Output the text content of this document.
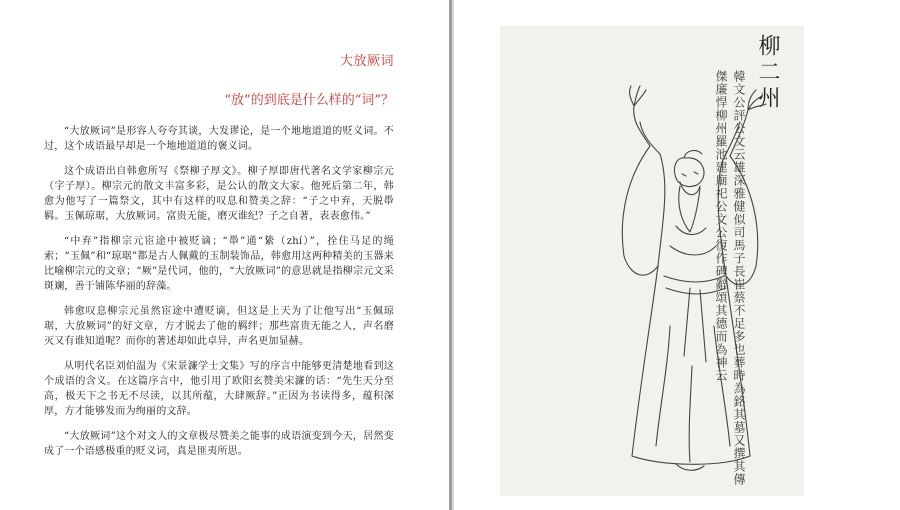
大放厥词
“放”的到底是什么样的“词”？

“大放厥词”是形容人夸夸其谈，大发谬论，是一个地地道道的贬义词。不过，这个成语最早却是一个地地道道的褒义词。

这个成语出自韩愈所写《祭柳子厚文》。柳子厚即唐代著名文学家柳宗元（字子厚）。柳宗元的散文丰富多彩，是公认的散文大家。他死后第二年，韩愈为他写了一篇祭文，其中有这样的叹息和赞美之辞：“子之中弃，天脱馽羁。玉佩琼琚，大放厥词。富贵无能，磨灭谁纪？子之自著，表表愈伟。”

“中弃”指柳宗元宦途中被贬谪；“馽”通“絷（zhí）”，拴住马足的绳索；“玉佩”和“琼琚”都是古人佩戴的玉制装饰品，韩愈用这两种精美的玉器来比喻柳宗元的文章；“厥”是代词，他的，“大放厥词”的意思就是指柳宗元文采斑斓，善于铺陈华丽的辞藻。

韩愈叹息柳宗元虽然宦途中遭贬谪，但这是上天为了让他写出“玉佩琼琚，大放厥词”的好文章，方才脱去了他的羁绊；那些富贵无能之人，声名磨灭又有谁知道呢？而你的著述却如此卓异，声名更加显赫。

从明代名臣刘伯温为《宋景濂学士文集》写的序言中能够更清楚地看到这个成语的含义。在这篇序言中，他引用了欧阳玄赞美宋濂的话：“先生天分至高，极天下之书无不尽读，以其所蕴，大肆厥辞。”正因为书读得多，蕴积深厚，方才能够发而为绚丽的文辞。

“大放厥词”这个对文人的文章极尽赞美之能事的成语演变到今天，居然变成了一个语感极重的贬义词，真是匪夷所思。

柳二州
韓文公評公文云雄深雅健似司馬子長崔蔡不足多也葬時為銘其墓又撰其傳
傑廉悍柳州羅池建廟祀公文公復作碑辭頌其德而為神云
